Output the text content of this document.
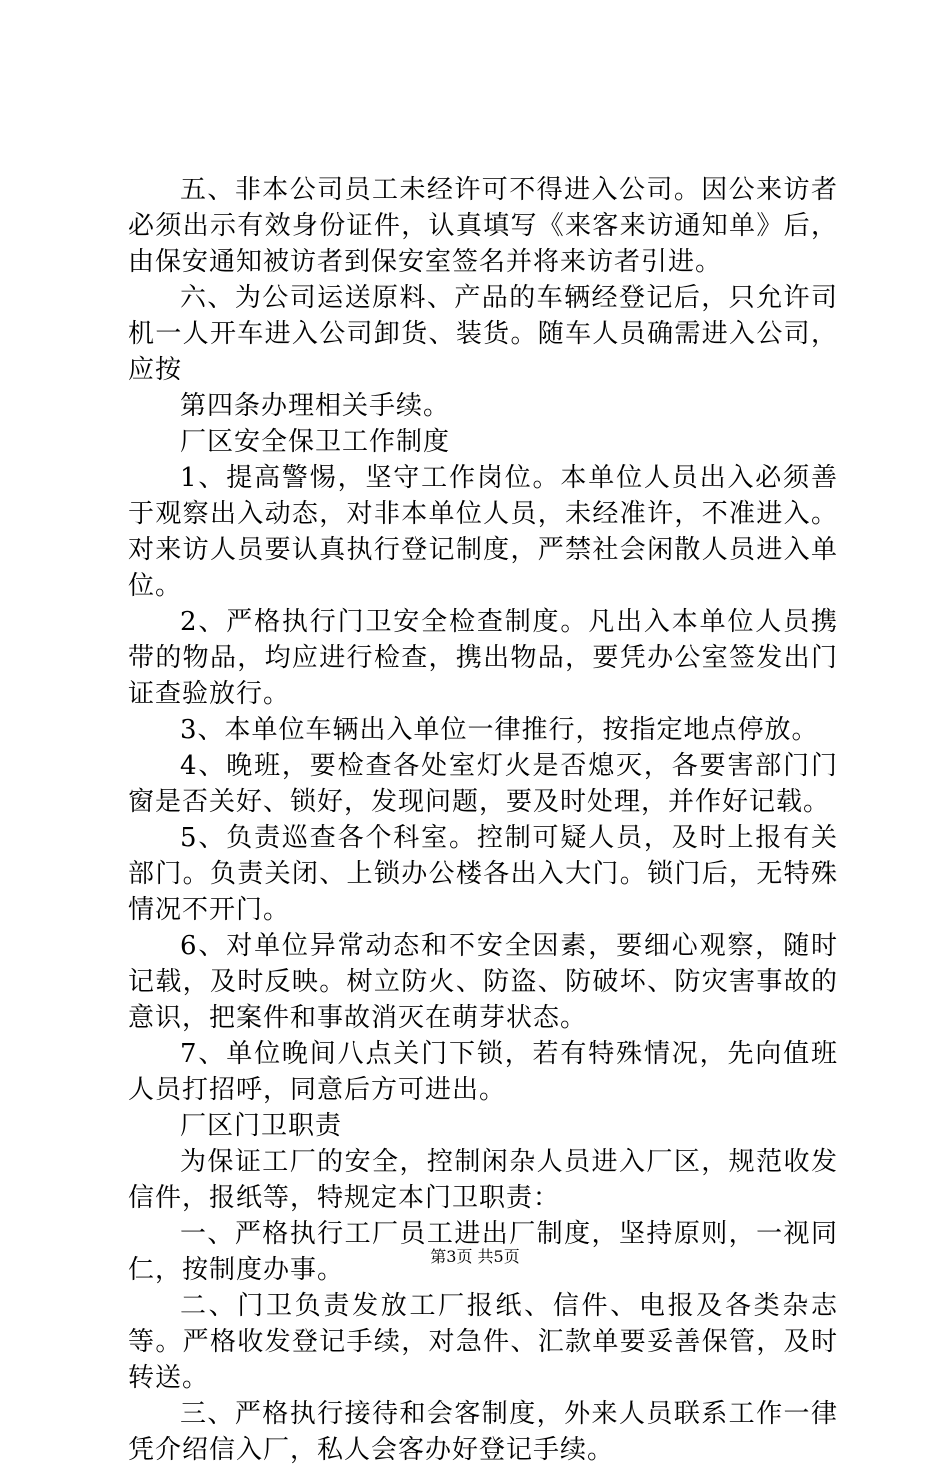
五、非本公司员工未经许可不得进入公司。因公来访者必须出示有效身份证件，认真填写《来客来访通知单》后，由保安通知被访者到保安室签名并将来访者引进。

六、为公司运送原料、产品的车辆经登记后，只允许司机一人开车进入公司卸货、装货。随车人员确需进入公司，应按

第四条办理相关手续。

厂区安全保卫工作制度

1、提高警惕，坚守工作岗位。本单位人员出入必须善于观察出入动态，对非本单位人员，未经准许，不准进入。对来访人员要认真执行登记制度，严禁社会闲散人员进入单位。

2、严格执行门卫安全检查制度。凡出入本单位人员携带的物品，均应进行检查，携出物品，要凭办公室签发出门证查验放行。

3、本单位车辆出入单位一律推行，按指定地点停放。

4、晚班，要检查各处室灯火是否熄灭，各要害部门门窗是否关好、锁好，发现问题，要及时处理，并作好记载。

5、负责巡查各个科室。控制可疑人员，及时上报有关部门。负责关闭、上锁办公楼各出入大门。锁门后，无特殊情况不开门。

6、对单位异常动态和不安全因素，要细心观察，随时记载，及时反映。树立防火、防盗、防破坏、防灾害事故的意识，把案件和事故消灭在萌芽状态。

7、单位晚间八点关门下锁，若有特殊情况，先向值班人员打招呼，同意后方可进出。

厂区门卫职责

为保证工厂的安全，控制闲杂人员进入厂区，规范收发信件，报纸等，特规定本门卫职责：

一、严格执行工厂员工进出厂制度，坚持原则，一视同仁，按制度办事。

二、门卫负责发放工厂报纸、信件、电报及各类杂志等。严格收发登记手续，对急件、汇款单要妥善保管，及时转送。

三、严格执行接待和会客制度，外来人员联系工作一律凭介绍信入厂，私人会客办好登记手续。

第3页 共5页
